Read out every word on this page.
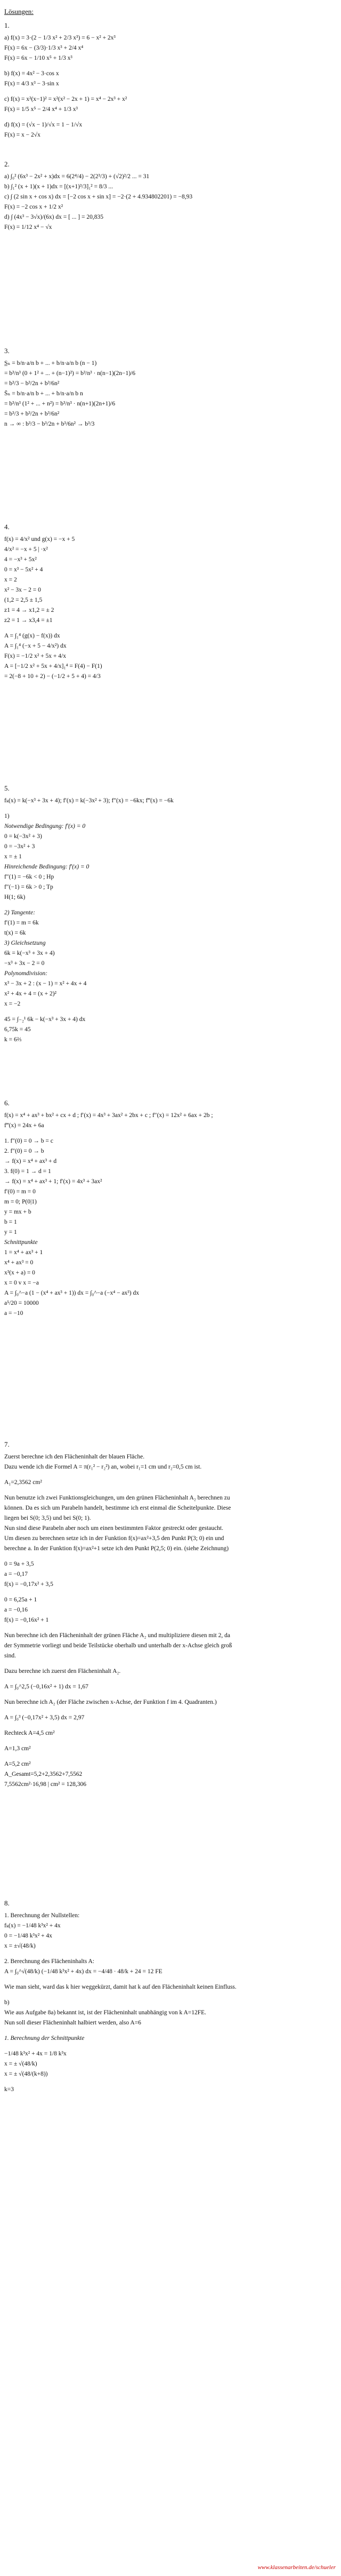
Lösungen:
1.
a) f(x) = 3·(2 − 1/3 x² + 2/3 x³) = 6 − x² + 2x³
F(x) = 6x − (3/3)·1/3 x³ + 2/4 x⁴
F(x) = 6x − 1/10 x⁵ + 1/3 x³
b) f(x) = 4x² − 3·cos x
F(x) = 4/3 x³ − 3·sin x
c) f(x) = x²(x−1)² = x²(x² − 2x + 1) = x⁴ − 2x³ + x²
F(x) = 1/5 x⁵ − 2/4 x⁴ + 1/3 x³
d) f(x) = (√x − 1)/√x = 1 − 1/√x
F(x) = x − 2√x
2.
a) ∫₀² (6x³ − 2x² + x)dx = 6(2⁴/4) − 2(2³/3) + (√2)²/2 ... = 31
b) ∫₁² (x + 1)(x + 1)dx = [(x+1)³/3]₁² = 8/3 ...
c) ∫ (2 sin x + cos x) dx = [−2 cos x + sin x] = −2·(2 + 4.934802201) = −8,93
F(x) = −2 cos x + 1/2 x²
d) ∫ (4x³ − 3√x)/(6x) dx = [ ... ] = 20,835
F(x) = 1/12 x⁴ − √x
3.
S̲ₙ = b/n·a/n b + ... + b/n·a/n b (n − 1)
= b³/n³ (0 + 1² + ... + (n−1)²) = b³/n³ · n(n−1)(2n−1)/6
= b³/3 − b³/2n + b³/6n²
S̄ₙ = b/n·a/n b + ... + b/n·a/n b n
= b³/n³ (1² + ... + n²) = b³/n³ · n(n+1)(2n+1)/6
= b³/3 + b³/2n + b³/6n²
n → ∞ : b³/3 − b³/2n + b³/6n² → b³/3
4.
f(x) = 4/x² und g(x) = −x + 5
4/x² = −x + 5 | ·x²
4 = −x³ + 5x²
0 = x³ − 5x² + 4
x = 2
x² − 3x − 2 = 0
(1,2 = 2,5 ± 1,5
z1 = 4 → x1,2 = ± 2
z2 = 1 → x3,4 = ±1
A = ∫₁⁴ (g(x) − f(x)) dx
A = ∫₁⁴ (−x + 5 − 4/x²) dx
F(x) = −1/2 x² + 5x + 4/x
A = [−1/2 x² + 5x + 4/x]₁⁴ = F(4) − F(1)
= 2(−8 + 10 + 2) − (−1/2 + 5 + 4) = 4/3
5.
fₖ(x) = k(−x³ + 3x + 4); f′(x) = k(−3x² + 3); f″(x) = −6kx; f‴(x) = −6k
1)
Notwendige Bedingung: f′(x) = 0
0 = k(−3x² + 3)
0 = −3x² + 3
x = ± 1
Hinreichende Bedingung: f′(x) = 0
f″(1) = −6k < 0 ; Hp
f″(−1) = 6k > 0 ; Tp
H(1; 6k)
2) Tangente:
f′(1) = m = 6k
t(x) = 6k
3) Gleichsetzung
6k = k(−x³ + 3x + 4)
−x³ + 3x − 2 = 0
Polynomdivision:
x³ − 3x + 2 : (x − 1) = x² + 4x + 4
x² + 4x + 4 = (x + 2)²
x = −2
45 = ∫₋₂¹ 6k − k(−x³ + 3x + 4) dx
6,75k = 45
k = 6⅔
6.
f(x) = x⁴ + ax³ + bx² + cx + d ; f′(x) = 4x³ + 3ax² + 2bx + c ; f″(x) = 12x² + 6ax + 2b ;
f‴(x) = 24x + 6a
1. f″(0) = 0 → b = c
2. f″(0) = 0 → b
→ f(x) = x⁴ + ax³ + d
3. f(0) = 1 → d = 1
→ f(x) = x⁴ + ax³ + 1; f′(x) = 4x³ + 3ax²
f′(0) = m = 0
m = 0; P(0|1)
y = mx + b
b = 1
y = 1
Schnittpunkte
1 = x⁴ + ax³ + 1
x⁴ + ax³ = 0
x³(x + a) = 0
x = 0 v x = −a
A = ∫₀^−a (1 − (x⁴ + ax³ + 1)) dx = ∫₀^−a (−x⁴ − ax³) dx
a⁵/20 = 10000
a = −10
7.
Zuerst berechne ich den Flächeninhalt der blauen Fläche.
Dazu wende ich die Formel A = π(r₁² − r₂²) an, wobei r₁=1 cm und r₂=0,5 cm ist.
A₁=2,3562 cm²
Nun benutze ich zwei Funktionsgleichungen, um den grünen Flächeninhalt A₂ berechnen zu
können. Da es sich um Parabeln handelt, bestimme ich erst einmal die Scheitelpunkte. Diese
liegen bei S(0; 3,5) und bei S(0; 1).
Nun sind diese Parabeln aber noch um einen bestimmten Faktor gestreckt oder gestaucht.
Um diesen zu berechnen setze ich in der Funktion f(x)=ax²+3,5 den Punkt P(3; 0) ein und
berechne a. In der Funktion f(x)=ax²+1 setze ich den Punkt P(2,5; 0) ein. (siehe Zeichnung)
0 = 9a + 3,5
a = −0,17
f(x) = −0,17x² + 3,5
0 = 6,25a + 1
a = −0,16
f(x) = −0,16x² + 1
Nun berechne ich den Flächeninhalt der grünen Fläche A₂ und multipliziere diesen mit 2, da
der Symmetrie vorliegt und beide Teilstücke oberhalb und unterhalb der x-Achse gleich groß
sind.
Dazu berechne ich zuerst den Flächeninhalt A₂.
A = ∫₀^2,5 (−0,16x² + 1) dx = 1,67
Nun berechne ich A₂ (der Fläche zwischen x-Achse, der Funktion f im 4. Quadranten.)
A = ∫₀³ (−0,17x² + 3,5) dx = 2,97
Rechteck A=4,5 cm²
A=1,3 cm²
A=5,2 cm²
A_Gesamt=5,2+2,3562+7,5562
7,5562cm²·16,98 | cm² = 128,306
8.
1. Berechnung der Nullstellen:
fₖ(x) = −1/48 k³x² + 4x
0 = −1/48 k³x² + 4x
x = ±√(48/k)
2. Berechnung des Flächeninhalts A:
A = ∫₀^√(48/k) (−1/48 k³x² + 4x) dx = −4/48 · 48/k + 24 = 12 FE
Wie man sieht, ward das k hier weggekürzt, damit hat k auf den Flächeninhalt keinen Einfluss.
b)
Wie aus Aufgabe 8a) bekannt ist, ist der Flächeninhalt unabhängig von k A=12FE.
Nun soll dieser Flächeninhalt halbiert werden, also A=6
1. Berechnung der Schnittpunkte
−1/48 k³x² + 4x = 1/8 k³x
x = ± √(48/k)
x = ± √(48/(k+8))
k=3
www.klassenarbeiten.de/schueler
